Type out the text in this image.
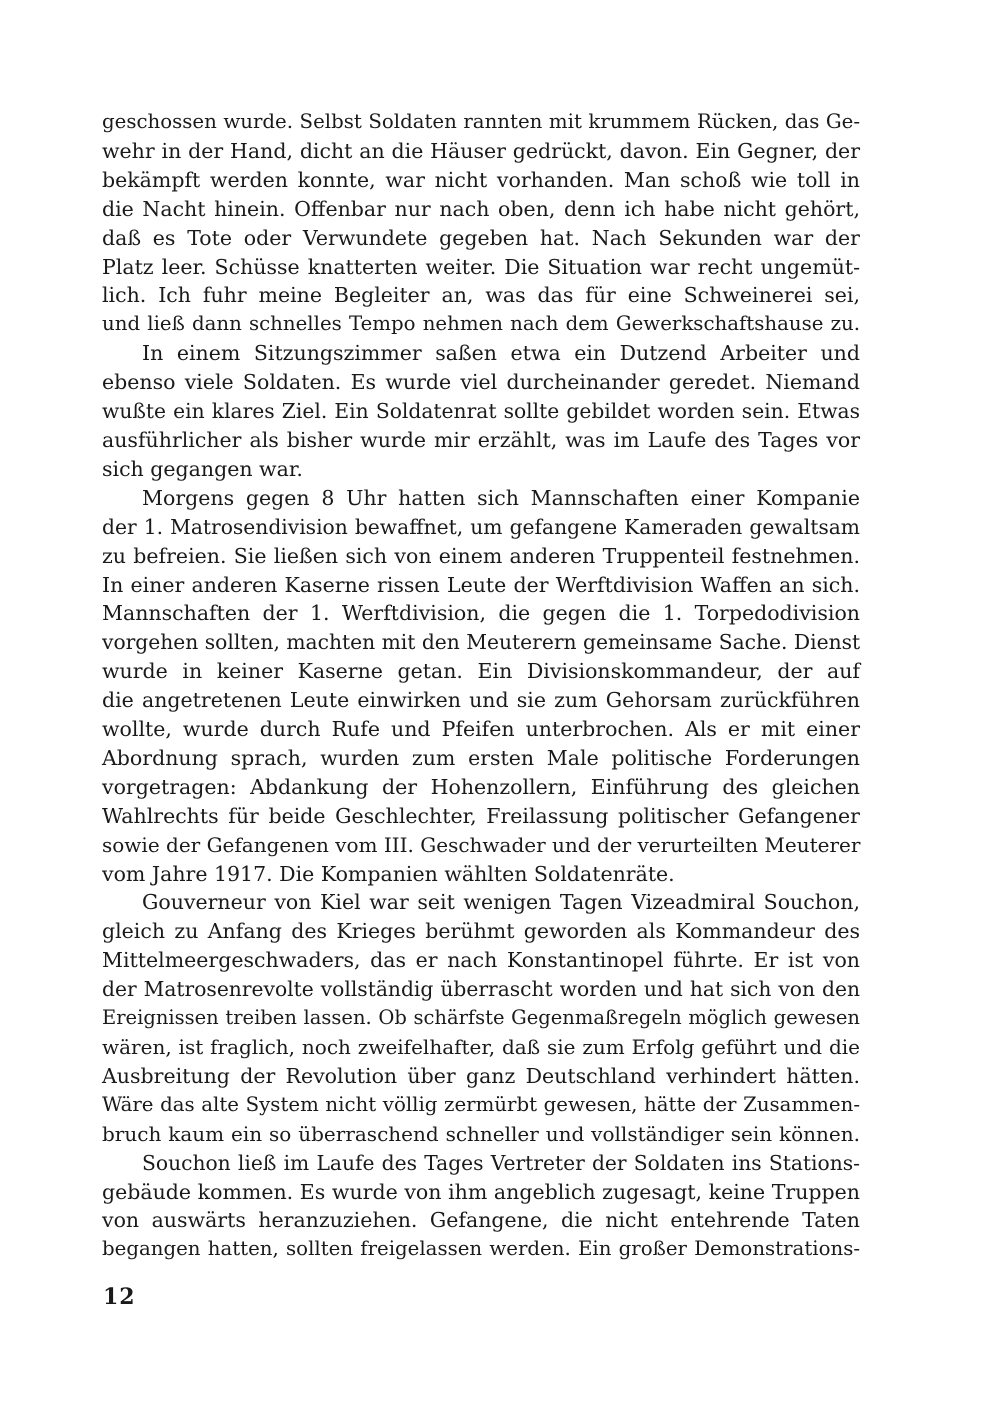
geschossen wurde. Selbst Soldaten rannten mit krummem Rücken, das Ge-
wehr in der Hand, dicht an die Häuser gedrückt, davon. Ein Gegner, der
bekämpft werden konnte, war nicht vorhanden. Man schoß wie toll in
die Nacht hinein. Offenbar nur nach oben, denn ich habe nicht gehört,
daß es Tote oder Verwundete gegeben hat. Nach Sekunden war der
Platz leer. Schüsse knatterten weiter. Die Situation war recht ungemüt-
lich. Ich fuhr meine Begleiter an, was das für eine Schweinerei sei,
und ließ dann schnelles Tempo nehmen nach dem Gewerkschaftshause zu.
In einem Sitzungszimmer saßen etwa ein Dutzend Arbeiter und
ebenso viele Soldaten. Es wurde viel durcheinander geredet. Niemand
wußte ein klares Ziel. Ein Soldatenrat sollte gebildet worden sein. Etwas
ausführlicher als bisher wurde mir erzählt, was im Laufe des Tages vor
sich gegangen war.
Morgens gegen 8 Uhr hatten sich Mannschaften einer Kompanie
der 1. Matrosendivision bewaffnet, um gefangene Kameraden gewaltsam
zu befreien. Sie ließen sich von einem anderen Truppenteil festnehmen.
In einer anderen Kaserne rissen Leute der Werftdivision Waffen an sich.
Mannschaften der 1. Werftdivision, die gegen die 1. Torpedodivision
vorgehen sollten, machten mit den Meuterern gemeinsame Sache. Dienst
wurde in keiner Kaserne getan. Ein Divisionskommandeur, der auf
die angetretenen Leute einwirken und sie zum Gehorsam zurückführen
wollte, wurde durch Rufe und Pfeifen unterbrochen. Als er mit einer
Abordnung sprach, wurden zum ersten Male politische Forderungen
vorgetragen: Abdankung der Hohenzollern, Einführung des gleichen
Wahlrechts für beide Geschlechter, Freilassung politischer Gefangener
sowie der Gefangenen vom III. Geschwader und der verurteilten Meuterer
vom Jahre 1917. Die Kompanien wählten Soldatenräte.
Gouverneur von Kiel war seit wenigen Tagen Vizeadmiral Souchon,
gleich zu Anfang des Krieges berühmt geworden als Kommandeur des
Mittelmeergeschwaders, das er nach Konstantinopel führte. Er ist von
der Matrosenrevolte vollständig überrascht worden und hat sich von den
Ereignissen treiben lassen. Ob schärfste Gegenmaßregeln möglich gewesen
wären, ist fraglich, noch zweifelhafter, daß sie zum Erfolg geführt und die
Ausbreitung der Revolution über ganz Deutschland verhindert hätten.
Wäre das alte System nicht völlig zermürbt gewesen, hätte der Zusammen-
bruch kaum ein so überraschend schneller und vollständiger sein können.
Souchon ließ im Laufe des Tages Vertreter der Soldaten ins Stations-
gebäude kommen. Es wurde von ihm angeblich zugesagt, keine Truppen
von auswärts heranzuziehen. Gefangene, die nicht entehrende Taten
begangen hatten, sollten freigelassen werden. Ein großer Demonstrations-
12
